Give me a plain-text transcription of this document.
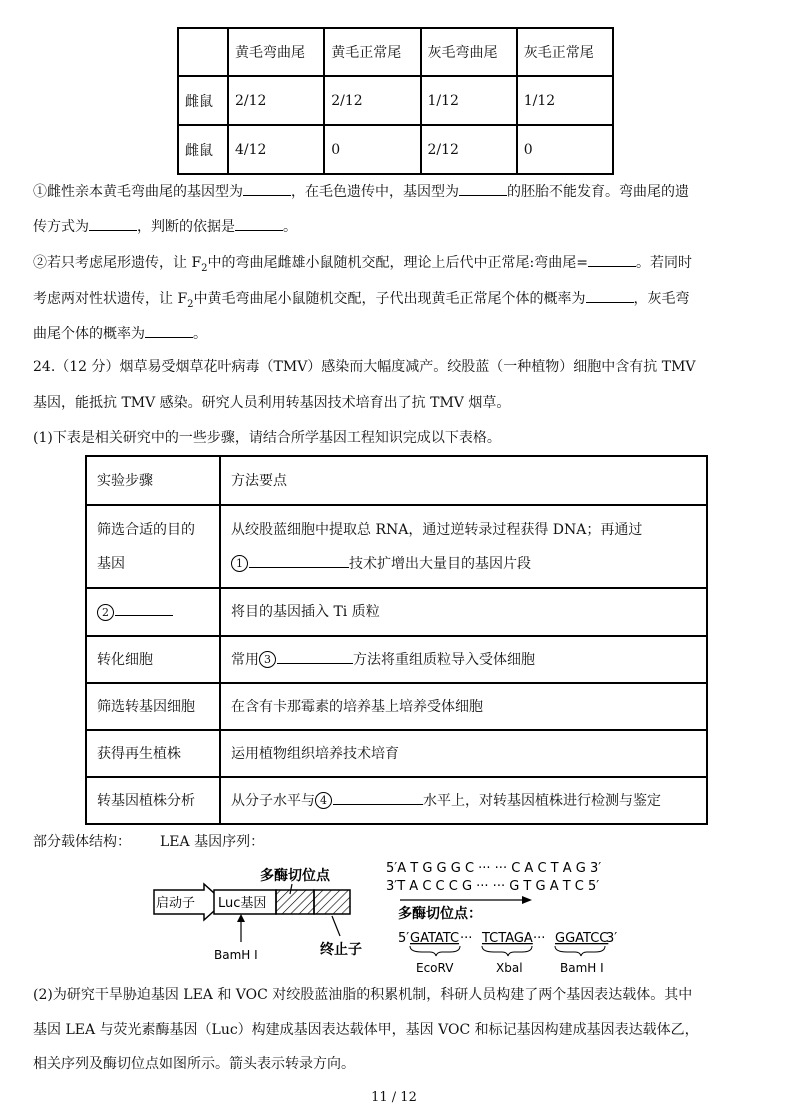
	黄毛弯曲尾	黄毛正常尾	灰毛弯曲尾	灰毛正常尾
雌鼠	2/12	2/12	1/12	1/12
雌鼠	4/12	0	2/12	0
①雌性亲本黄毛弯曲尾的基因型为	，在毛色遗传中，基因型为	的胚胎不能发育。弯曲尾的遗
传方式为	，判断的依据是	。
②若只考虑尾形遗传，让 $F_2$中的弯曲尾雌雄小鼠随机交配，理论上后代中正常尾:弯曲尾=	。若同时
考虑两对性状遗传，让 $F_2$中黄毛弯曲尾小鼠随机交配，子代出现黄毛正常尾个体的概率为	，灰毛弯
曲尾个体的概率为	。
24.（12 分）烟草易受烟草花叶病毒（TMV）感染而大幅度减产。绞股蓝（一种植物）细胞中含有抗 TMV
基因，能抵抗 TMV 感染。研究人员利用转基因技术培育出了抗 TMV 烟草。
(1)下表是相关研究中的一些步骤，请结合所学基因工程知识完成以下表格。
实验步骤	方法要点
筛选合适的目的
基因	从绞股蓝细胞中提取总 RNA，通过逆转录过程获得 DNA；再通过
1 技术扩增出大量目的基因片段
2	将目的基因插入 Ti 质粒
转化细胞	常用 3 方法将重组质粒导入受体细胞
筛选转基因细胞	在含有卡那霉素的培养基上培养受体细胞
获得再生植株	运用植物组织培养技术培育
转基因植株分析	从分子水平与 4 水平上，对转基因植株进行检测与鉴定
部分载体结构： LEA 基因序列：
启动子 Luc基因
多酶切位点
BamH Ⅰ	终止子
5′A T G G G C ··· ··· C A C T A G 3′
3′T A C C C G ··· ··· G T G A T C 5′
多酶切位点：
5′ GATATC ··· TCTAGA ··· GGATCC
3′
EcoRV	Xbal	BamH Ⅰ
(2)为研究干旱胁迫基因 LEA 和 VOC 对绞股蓝油脂的积累机制，科研人员构建了两个基因表达载体。其中
基因 LEA 与荧光素酶基因（Luc）构建成基因表达载体甲，基因 VOC 和标记基因构建成基因表达载体乙，
相关序列及酶切位点如图所示。箭头表示转录方向。
11 / 12
